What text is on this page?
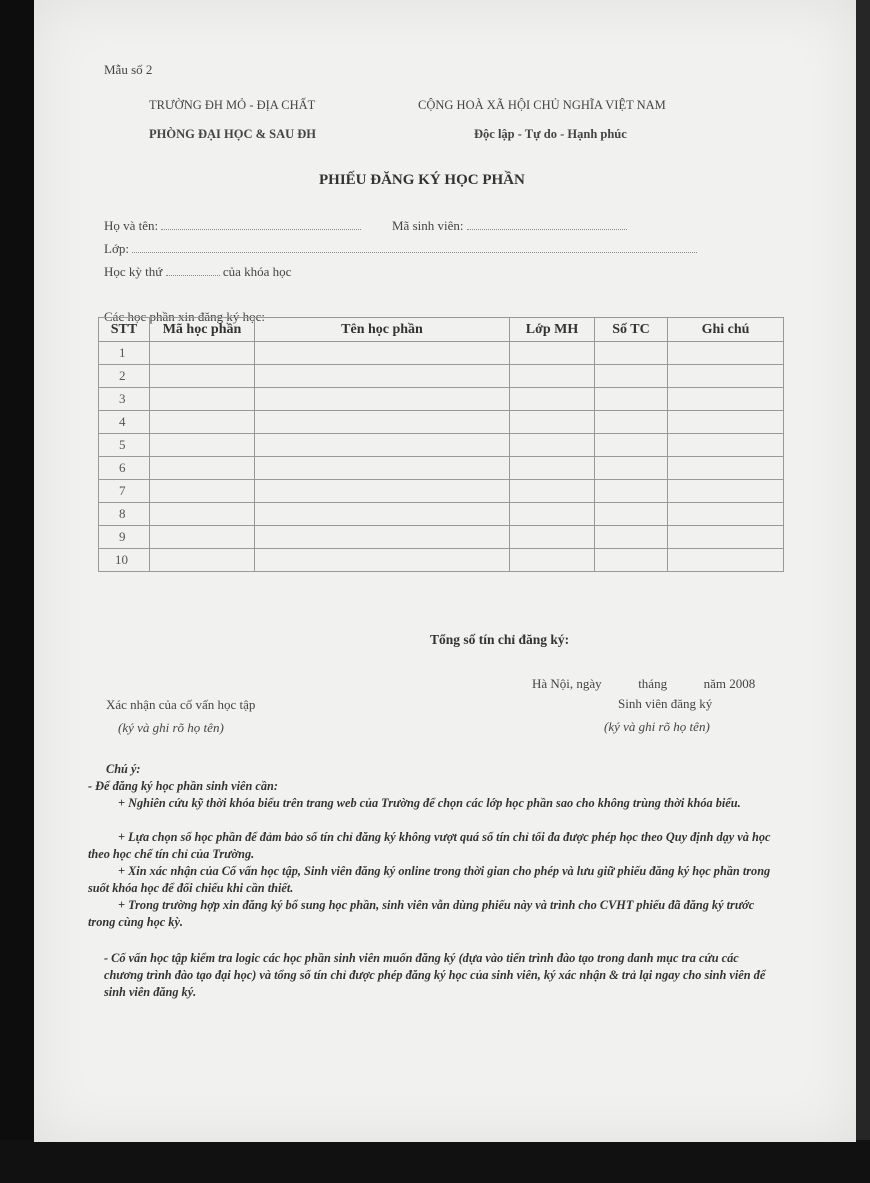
Mẫu số 2
TRƯỜNG ĐH MỎ - ĐỊA CHẤT
PHÒNG ĐẠI HỌC & SAU ĐH
CỘNG HOÀ XÃ HỘI CHỦ NGHĨA VIỆT NAM
Độc lập - Tự do - Hạnh phúc
PHIẾU ĐĂNG KÝ HỌC PHẦN
Họ và tên:	Mã sinh viên:
Lớp:
Học kỳ thứ	của khóa học
Các học phần xin đăng ký học:
STT	Mã học phần	Tên học phần	Lớp MH	Số TC	Ghi chú
1					
2					
3					
4					
5					
6					
7					
8					
9					
10					
Tổng số tín chỉ đăng ký:
Hà Nội, ngày	tháng	năm 2008
Xác nhận của cố vấn học tập
(ký và ghi rõ họ tên)
Sinh viên đăng ký
(ký và ghi rõ họ tên)
Chú ý:
- Để đăng ký học phần sinh viên cần:
+ Nghiên cứu kỹ thời khóa biểu trên trang web của Trường để chọn các lớp học phần sao cho không trùng thời khóa biểu.
+ Lựa chọn số học phần để đảm bảo số tín chỉ đăng ký không vượt quá số tín chỉ tối đa được phép học theo Quy định dạy và học theo học chế tín chỉ của Trường.
+ Xin xác nhận của Cố vấn học tập, Sinh viên đăng ký online trong thời gian cho phép và lưu giữ phiếu đăng ký học phần trong suốt khóa học để đối chiếu khi cần thiết.
+ Trong trường hợp xin đăng ký bổ sung học phần, sinh viên vẫn dùng phiếu này và trình cho CVHT phiếu đã đăng ký trước trong cùng học kỳ.
- Cố vấn học tập kiểm tra logic các học phần sinh viên muốn đăng ký (dựa vào tiến trình đào tạo trong danh mục tra cứu các chương trình đào tạo đại học) và tổng số tín chỉ được phép đăng ký học của sinh viên, ký xác nhận & trả lại ngay cho sinh viên để sinh viên đăng ký.
